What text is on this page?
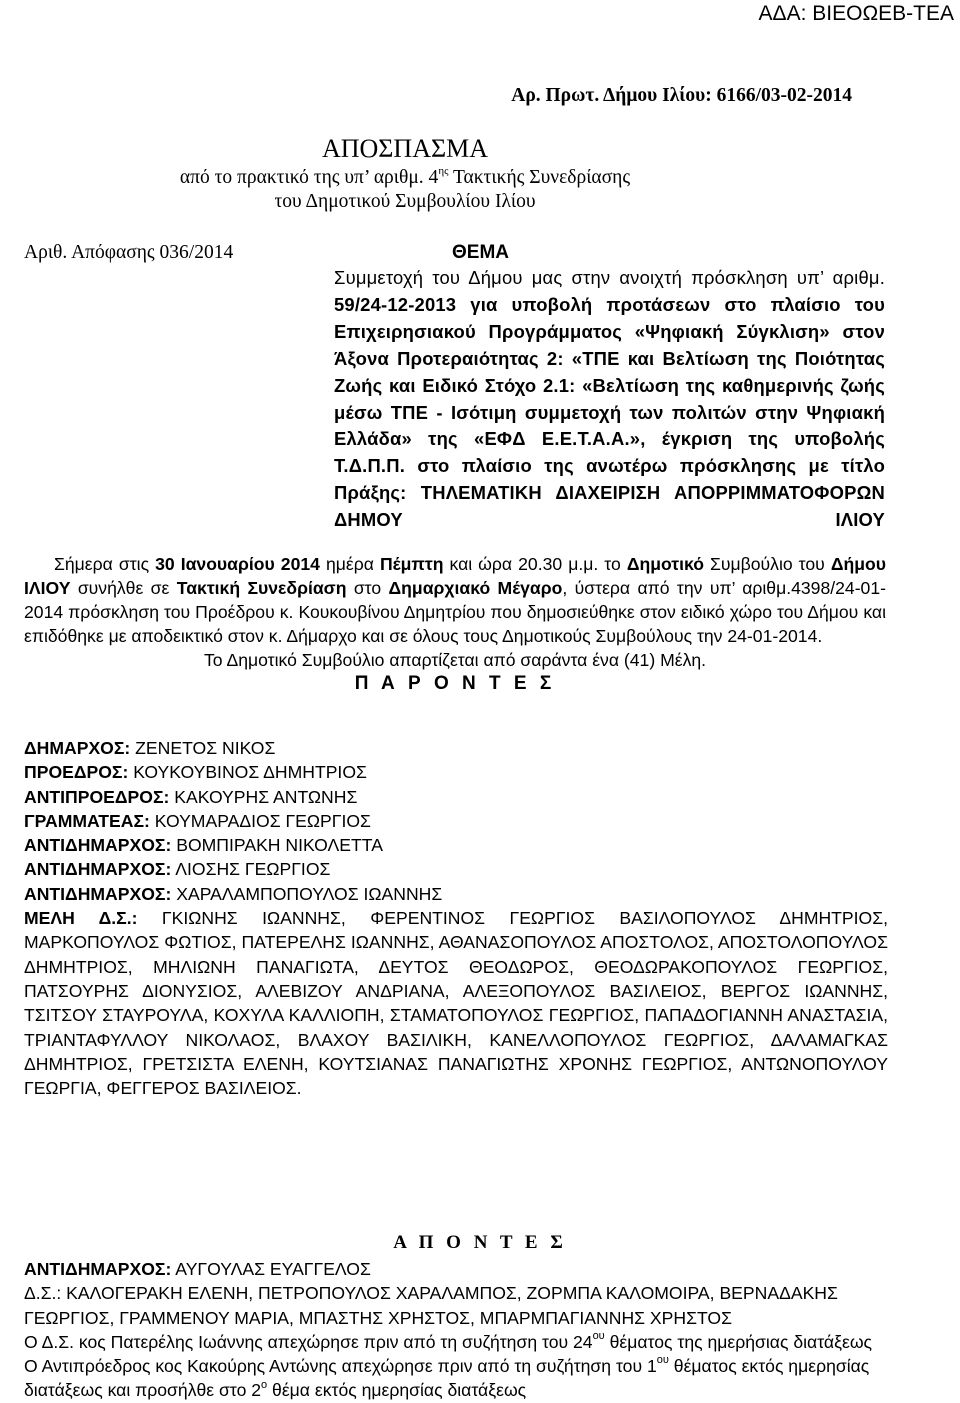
ΑΔΑ: ΒΙΕΟΩΕΒ-ΤΕΑ
Αρ. Πρωτ. Δήμου Ιλίου: 6166/03-02-2014
ΑΠΟΣΠΑΣΜΑ
από το πρακτικό της υπ’ αριθμ. $4^{\eta\varsigma}$ Τακτικής Συνεδρίασης
του Δημοτικού Συμβουλίου Ιλίου
Αριθ. Απόφασης 036/2014	ΘΕΜΑ
Συμμετοχή του Δήμου μας στην ανοιχτή πρόσκληση υπ’ αριθμ. 59/24-12-2013 για υποβολή προτάσεων στο πλαίσιο του Επιχειρησιακού Προγράμματος «Ψηφιακή Σύγκλιση» στον Άξονα Προτεραιότητας 2: «ΤΠΕ και Βελτίωση της Ποιότητας Ζωής και Ειδικό Στόχο 2.1: «Βελτίωση της καθημερινής ζωής μέσω ΤΠΕ - Ισότιμη συμμετοχή των πολιτών στην Ψηφιακή Ελλάδα» της «ΕΦΔ Ε.Ε.Τ.Α.Α.», έγκριση της υποβολής Τ.Δ.Π.Π. στο πλαίσιο της ανωτέρω πρόσκλησης με τίτλο Πράξης: ΤΗΛΕΜΑΤΙΚΗ ΔΙΑΧΕΙΡΙΣΗ ΑΠΟΡΡΙΜΜΑΤΟΦΟΡΩΝ ΔΗΜΟΥ ΙΛΙΟΥ
Σήμερα στις 30 Ιανουαρίου 2014 ημέρα Πέμπτη και ώρα 20.30 μ.μ. το Δημοτικό Συμβούλιο του Δήμου ΙΛΙΟΥ συνήλθε σε Τακτική Συνεδρίαση στο Δημαρχιακό Μέγαρο, ύστερα από την υπ’ αριθμ.4398/24-01-2014 πρόσκληση του Προέδρου κ. Κουκουβίνου Δημητρίου που δημοσιεύθηκε στον ειδικό χώρο του Δήμου και επιδόθηκε με αποδεικτικό στον κ. Δήμαρχο και σε όλους τους Δημοτικούς Συμβούλους την 24-01-2014.
Το Δημοτικό Συμβούλιο απαρτίζεται από σαράντα ένα (41) Μέλη.
Π Α Ρ Ο Ν Τ Ε Σ
ΔΗΜΑΡΧΟΣ: ΖΕΝΕΤΟΣ ΝΙΚΟΣ
ΠΡΟΕΔΡΟΣ: ΚΟΥΚΟΥΒΙΝΟΣ ΔΗΜΗΤΡΙΟΣ
ΑΝΤΙΠΡΟΕΔΡΟΣ: ΚΑΚΟΥΡΗΣ ΑΝΤΩΝΗΣ
ΓΡΑΜΜΑΤΕΑΣ: ΚΟΥΜΑΡΑΔΙΟΣ ΓΕΩΡΓΙΟΣ
ΑΝΤΙΔΗΜΑΡΧΟΣ: ΒΟΜΠΙΡΑΚΗ ΝΙΚΟΛΕΤΤΑ
ΑΝΤΙΔΗΜΑΡΧΟΣ: ΛΙΟΣΗΣ ΓΕΩΡΓΙΟΣ
ΑΝΤΙΔΗΜΑΡΧΟΣ: ΧΑΡΑΛΑΜΠΟΠΟΥΛΟΣ ΙΩΑΝΝΗΣ
ΜΕΛΗ Δ.Σ.: ΓΚΙΩΝΗΣ ΙΩΑΝΝΗΣ, ΦΕΡΕΝΤΙΝΟΣ ΓΕΩΡΓΙΟΣ ΒΑΣΙΛΟΠΟΥΛΟΣ ΔΗΜΗΤΡΙΟΣ, ΜΑΡΚΟΠΟΥΛΟΣ ΦΩΤΙΟΣ, ΠΑΤΕΡΕΛΗΣ ΙΩΑΝΝΗΣ, ΑΘΑΝΑΣΟΠΟΥΛΟΣ ΑΠΟΣΤΟΛΟΣ, ΑΠΟΣΤΟΛΟΠΟΥΛΟΣ ΔΗΜΗΤΡΙΟΣ, ΜΗΛΙΩΝΗ ΠΑΝΑΓΙΩΤΑ, ΔΕΥΤΟΣ ΘΕΟΔΩΡΟΣ, ΘΕΟΔΩΡΑΚΟΠΟΥΛΟΣ ΓΕΩΡΓΙΟΣ, ΠΑΤΣΟΥΡΗΣ ΔΙΟΝΥΣΙΟΣ, ΑΛΕΒΙΖΟΥ ΑΝΔΡΙΑΝΑ, ΑΛΕΞΟΠΟΥΛΟΣ ΒΑΣΙΛΕΙΟΣ, ΒΕΡΓΟΣ ΙΩΑΝΝΗΣ, ΤΣΙΤΣΟΥ ΣΤΑΥΡΟΥΛΑ, ΚΟΧΥΛΑ ΚΑΛΛΙΟΠΗ, ΣΤΑΜΑΤΟΠΟΥΛΟΣ ΓΕΩΡΓΙΟΣ, ΠΑΠΑΔΟΓΙΑΝΝΗ ΑΝΑΣΤΑΣΙΑ, ΤΡΙΑΝΤΑΦΥΛΛΟΥ ΝΙΚΟΛΑΟΣ, ΒΛΑΧΟΥ ΒΑΣΙΛΙΚΗ, ΚΑΝΕΛΛΟΠΟΥΛΟΣ ΓΕΩΡΓΙΟΣ, ΔΑΛΑΜΑΓΚΑΣ ΔΗΜΗΤΡΙΟΣ, ΓΡΕΤΣΙΣΤΑ ΕΛΕΝΗ, ΚΟΥΤΣΙΑΝΑΣ ΠΑΝΑΓΙΩΤΗΣ ΧΡΟΝΗΣ ΓΕΩΡΓΙΟΣ, ΑΝΤΩΝΟΠΟΥΛΟΥ ΓΕΩΡΓΙΑ, ΦΕΓΓΕΡΟΣ ΒΑΣΙΛΕΙΟΣ.
Α Π Ο Ν Τ Ε Σ
ΑΝΤΙΔΗΜΑΡΧΟΣ: ΑΥΓΟΥΛΑΣ ΕΥΑΓΓΕΛΟΣ
Δ.Σ.: ΚΑΛΟΓΕΡΑΚΗ ΕΛΕΝΗ, ΠΕΤΡΟΠΟΥΛΟΣ ΧΑΡΑΛΑΜΠΟΣ, ΖΟΡΜΠΑ ΚΑΛΟΜΟΙΡΑ, ΒΕΡΝΑΔΑΚΗΣ ΓΕΩΡΓΙΟΣ, ΓΡΑΜΜΕΝΟΥ ΜΑΡΙΑ, ΜΠΑΣΤΗΣ ΧΡΗΣΤΟΣ, ΜΠΑΡΜΠΑΓΙΑΝΝΗΣ ΧΡΗΣΤΟΣ
Ο Δ.Σ. κος Πατερέλης Ιωάννης απεχώρησε πριν από τη συζήτηση του $24^{o\upsilon}$ θέματος της ημερήσιας διατάξεως
Ο Αντιπρόεδρος κος Κακούρης Αντώνης απεχώρησε πριν από τη συζήτηση του $1^{o\upsilon}$ θέματος εκτός ημερησίας διατάξεως και προσήλθε στο $2^o$ θέμα εκτός ημερησίας διατάξεως
